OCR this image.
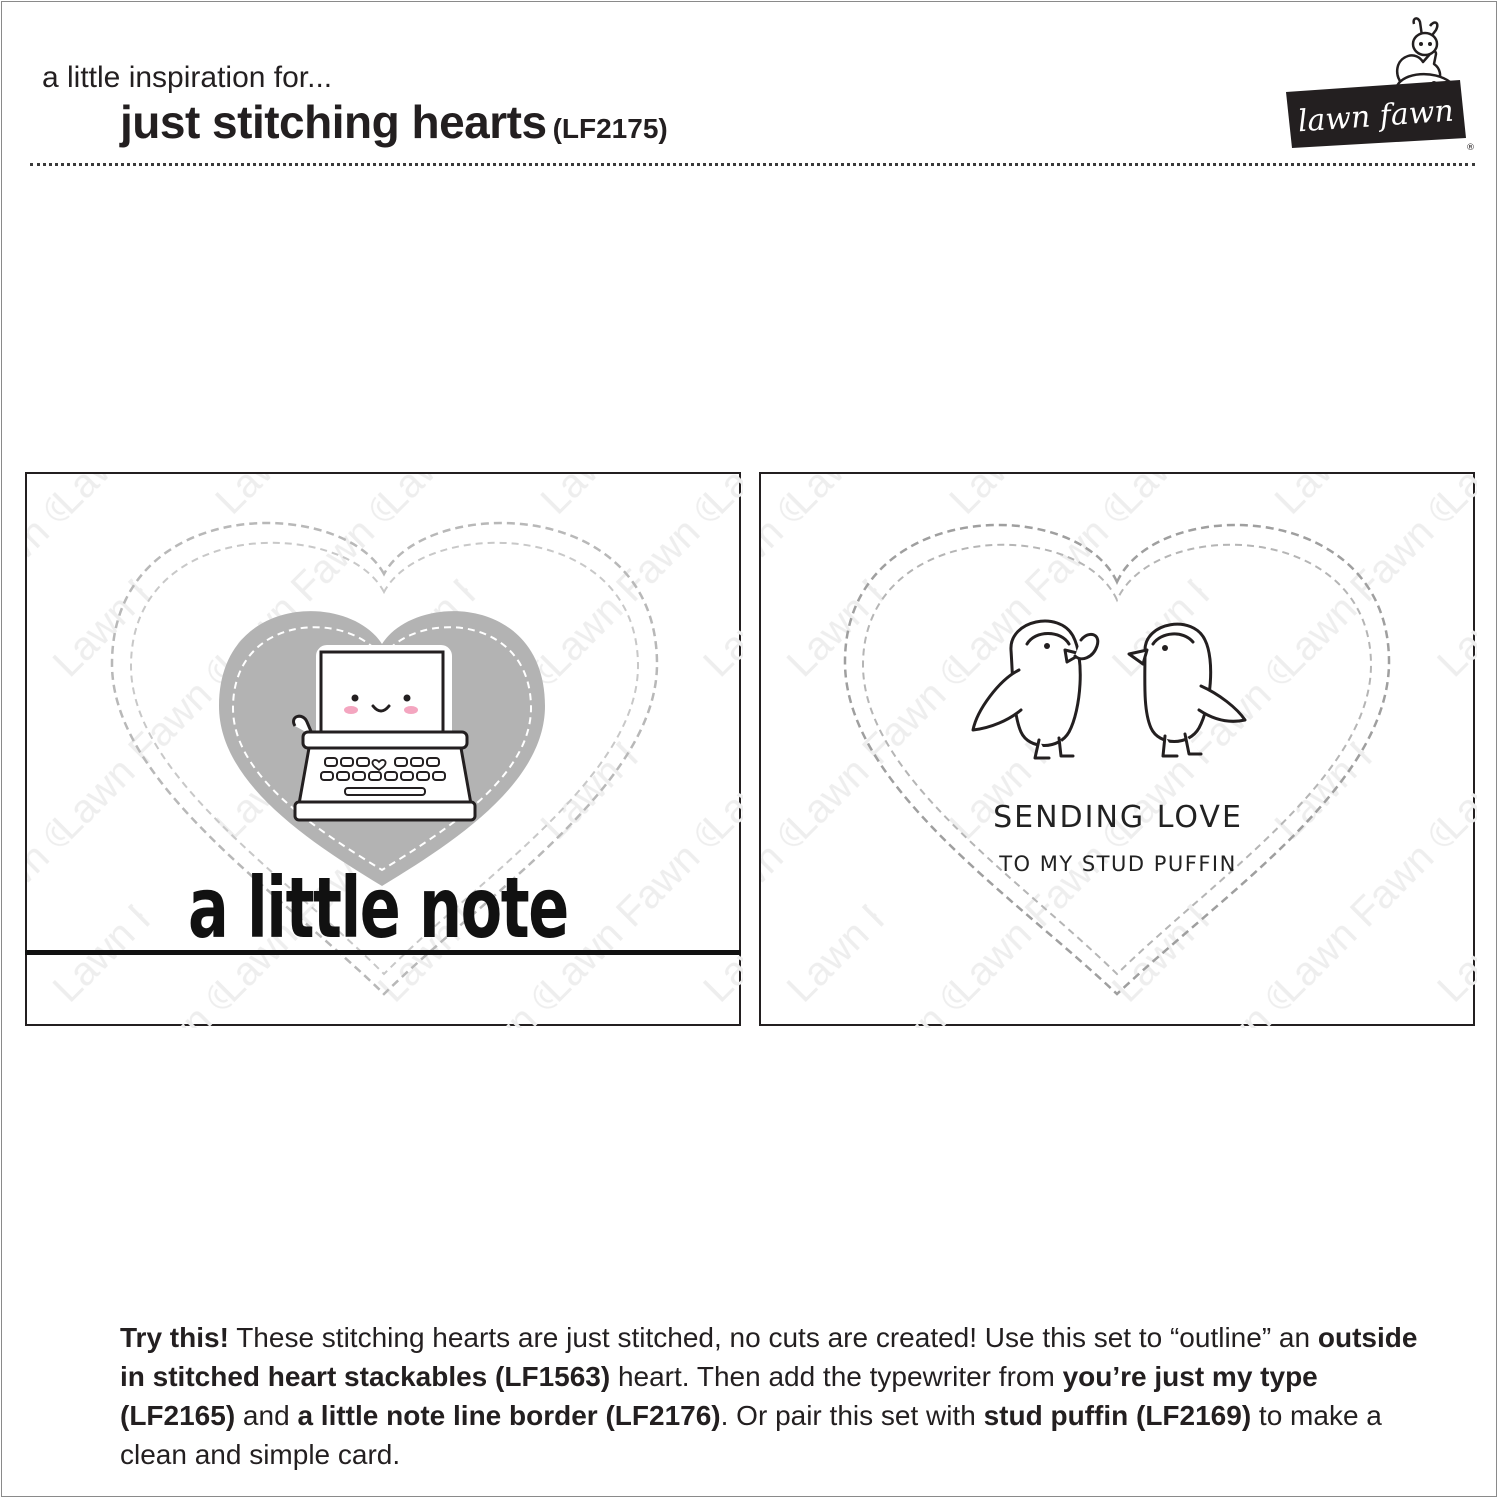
a little inspiration for...
just stitching hearts (LF2175)	lawn fawn
®
a little note
SENDING LOVE
TO MY STUD PUFFIN
Try this! These stitching hearts are just stitched, no cuts are created! Use this set to “outline” an outside in stitched heart stackables (LF1563) heart. Then add the typewriter from you’re just my type (LF2165) and a little note line border (LF2176). Or pair this set with stud puffin (LF2169) to make a clean and simple card.
